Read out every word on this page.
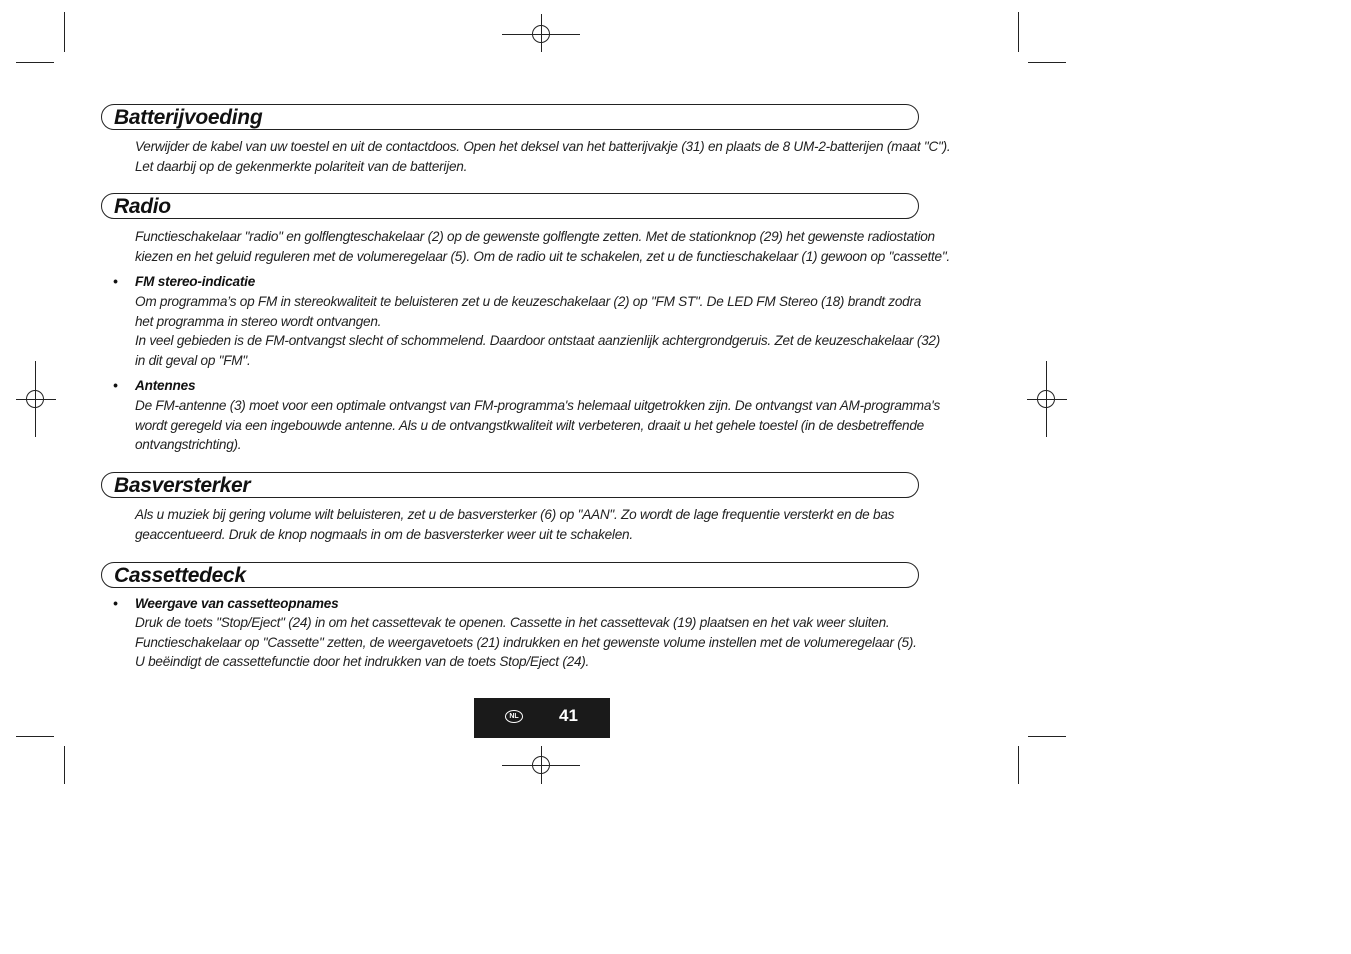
Batterijvoeding

Verwijder de kabel van uw toestel en uit de contactdoos. Open het deksel van het batterijvakje (31) en plaats de 8 UM-2-batterijen (maat "C").

Let daarbij op de gekenmerkte polariteit van de batterijen.

Radio

Functieschakelaar "radio" en golflengteschakelaar (2) op de gewenste golflengte zetten. Met de stationknop (29) het gewenste radiostation

kiezen en het geluid reguleren met de volumeregelaar (5). Om de radio uit te schakelen, zet u de functieschakelaar (1) gewoon op "cassette".

• FM stereo-indicatie

Om programma’s op FM in stereokwaliteit te beluisteren zet u de keuzeschakelaar (2) op "FM ST". De LED FM Stereo (18) brandt zodra

het programma in stereo wordt ontvangen.

In veel gebieden is de FM-ontvangst slecht of schommelend. Daardoor ontstaat aanzienlijk achtergrondgeruis. Zet de keuzeschakelaar (32)

in dit geval op "FM".

• Antennes

De FM-antenne (3) moet voor een optimale ontvangst van FM-programma's helemaal uitgetrokken zijn. De ontvangst van AM-programma's

wordt geregeld via een ingebouwde antenne. Als u de ontvangstkwaliteit wilt verbeteren, draait u het gehele toestel (in de desbetreffende

ontvangstrichting).

Basversterker

Als u muziek bij gering volume wilt beluisteren, zet u de basversterker (6) op "AAN". Zo wordt de lage frequentie versterkt en de bas

geaccentueerd. Druk de knop nogmaals in om de basversterker weer uit te schakelen.

Cassettedeck
• Weergave van cassetteopnames

Druk de toets "Stop/Eject" (24) in om het cassettevak te openen. Cassette in het cassettevak (19) plaatsen en het vak weer sluiten.

Functieschakelaar op "Cassette" zetten, de weergavetoets (21) indrukken en het gewenste volume instellen met de volumeregelaar (5).

U beëindigt de cassettefunctie door het indrukken van de toets Stop/Eject (24).

NL 41
